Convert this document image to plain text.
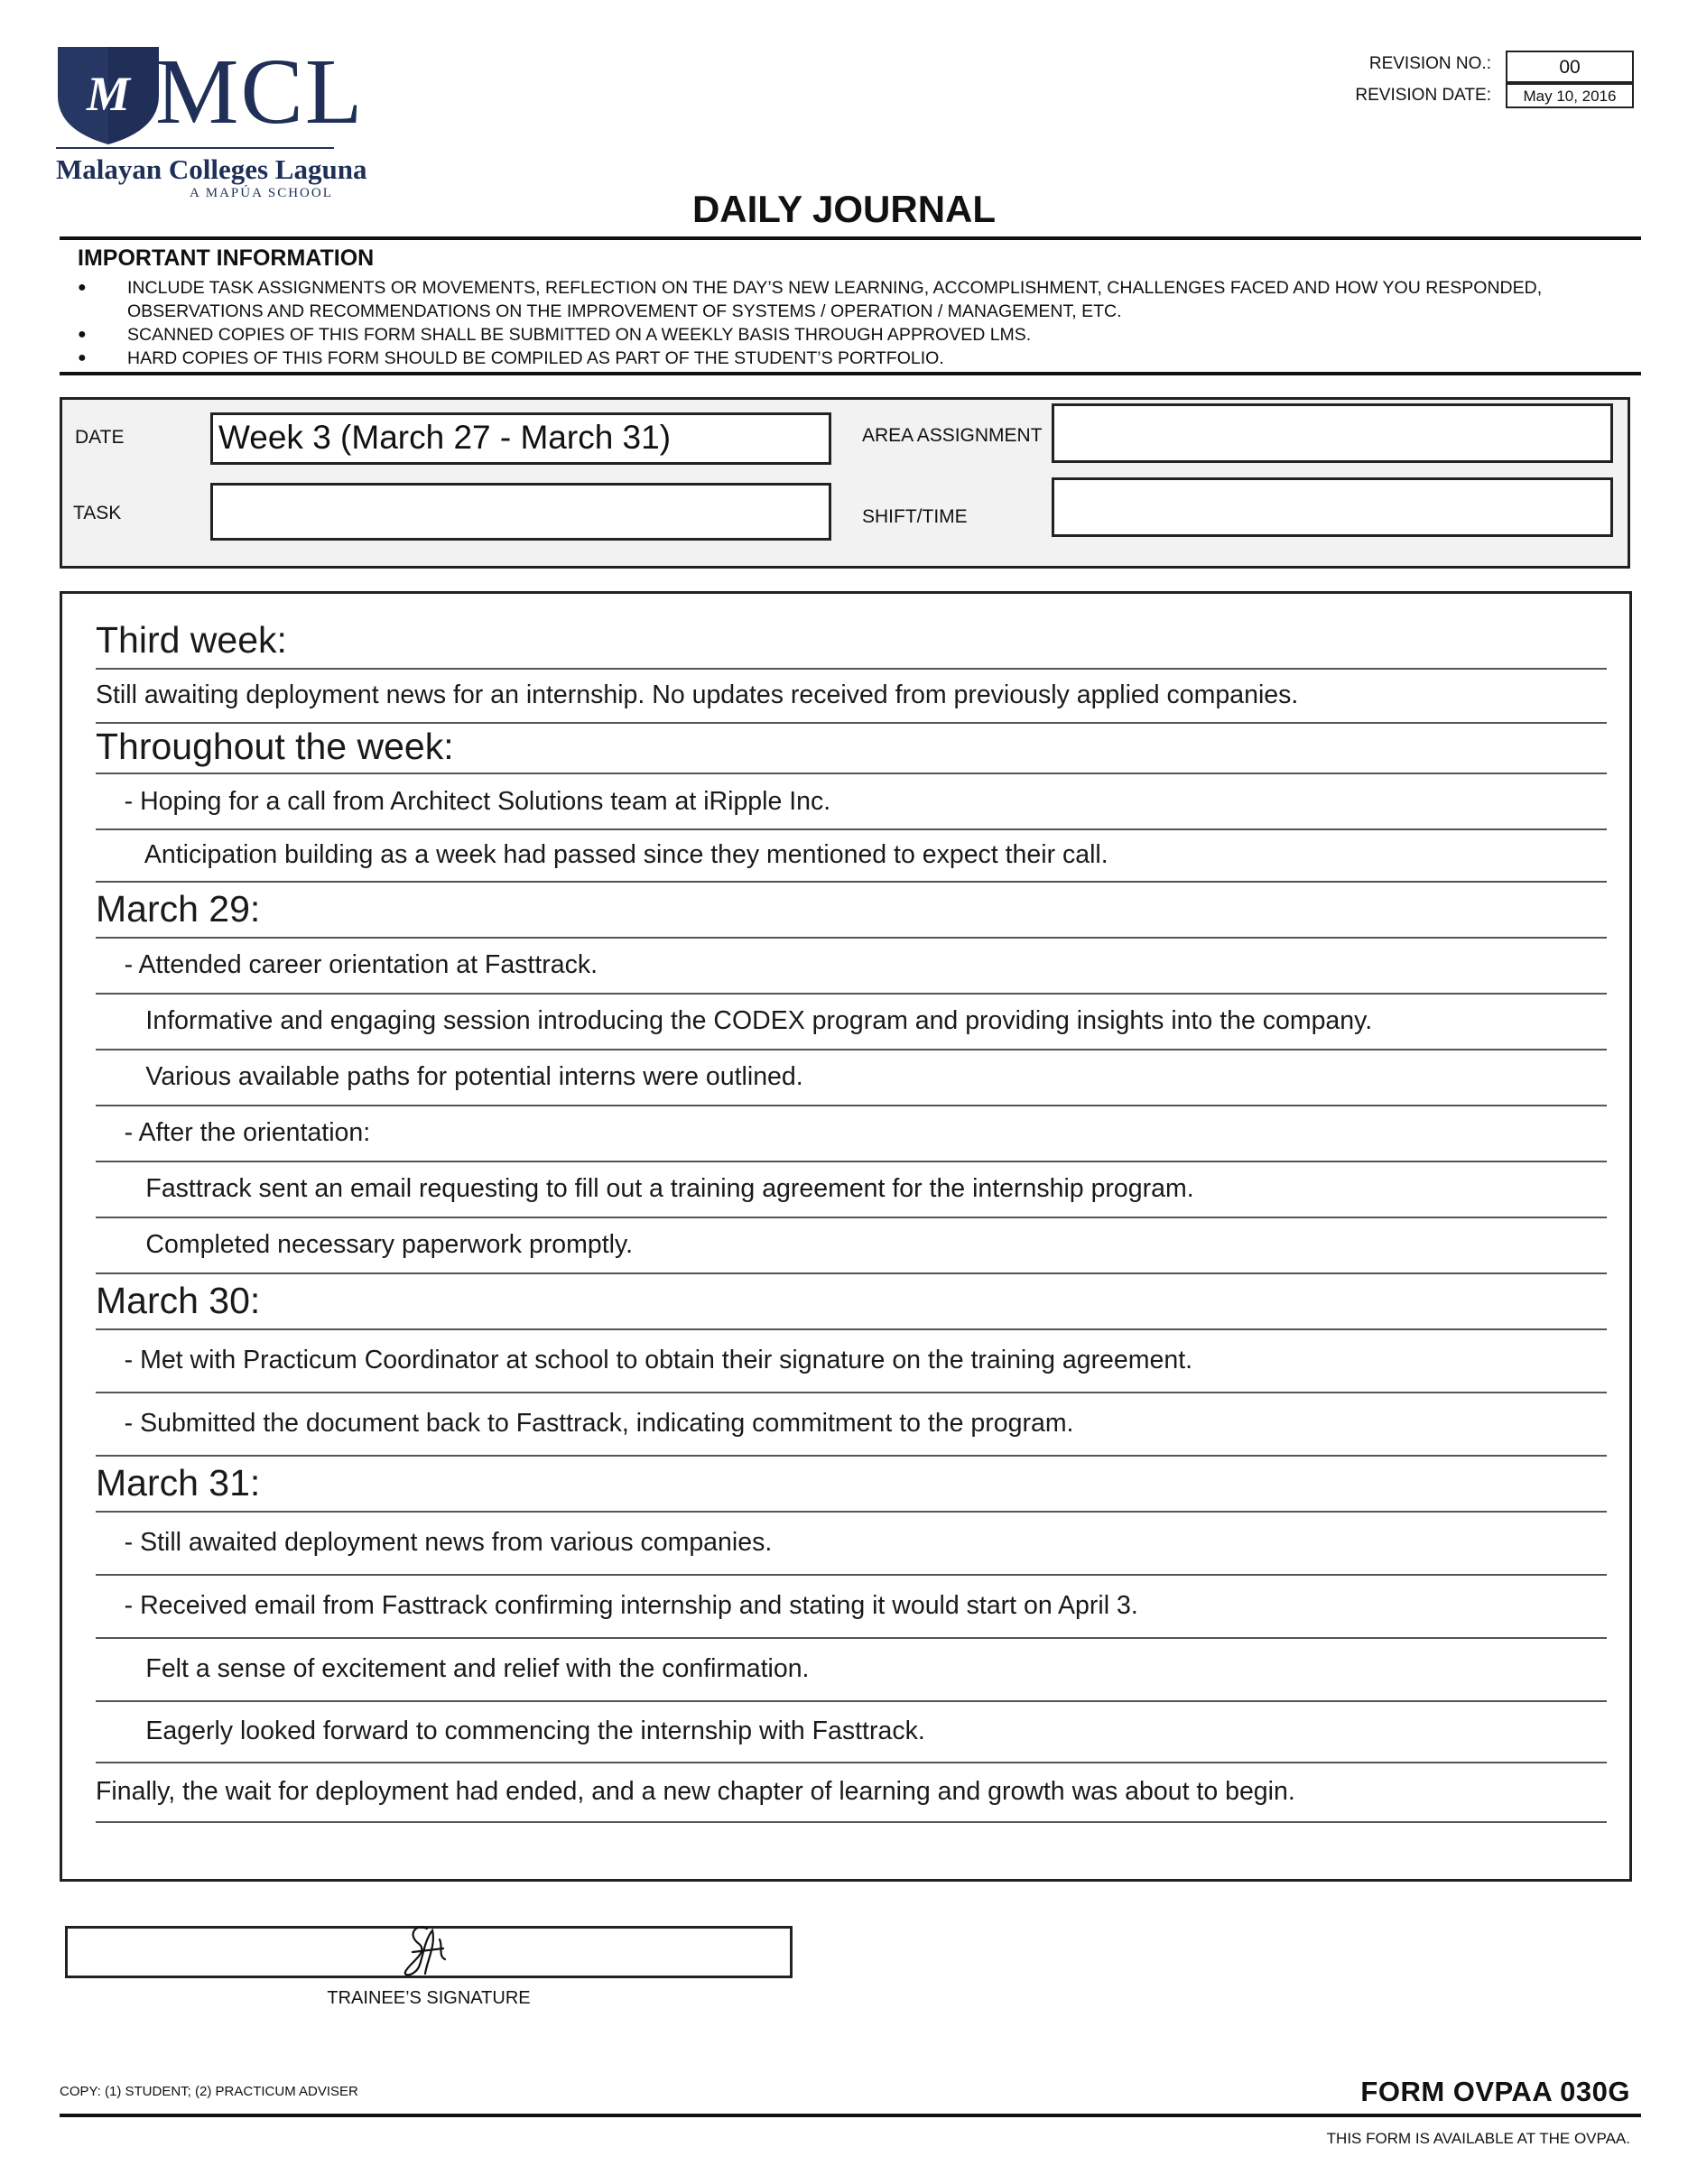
M MCL
Malayan Colleges Laguna
A MAPÚA SCHOOL
REVISION NO.:	00
REVISION DATE:	May 10, 2016
DAILY JOURNAL
IMPORTANT INFORMATION
● INCLUDE TASK ASSIGNMENTS OR MOVEMENTS, REFLECTION ON THE DAY’S NEW LEARNING, ACCOMPLISHMENT, CHALLENGES FACED AND HOW YOU RESPONDED, OBSERVATIONS AND RECOMMENDATIONS ON THE IMPROVEMENT OF SYSTEMS / OPERATION / MANAGEMENT, ETC.
● SCANNED COPIES OF THIS FORM SHALL BE SUBMITTED ON A WEEKLY BASIS THROUGH APPROVED LMS.
● HARD COPIES OF THIS FORM SHOULD BE COMPILED AS PART OF THE STUDENT’S PORTFOLIO.
DATE	Week 3 (March 27 - March 31)
TASK
AREA ASSIGNMENT
SHIFT/TIME
Third week:
Still awaiting deployment news for an internship. No updates received from previously applied companies.
Throughout the week:
- Hoping for a call from Architect Solutions team at iRipple Inc.
Anticipation building as a week had passed since they mentioned to expect their call.
March 29:
- Attended career orientation at Fasttrack.
Informative and engaging session introducing the CODEX program and providing insights into the company.
Various available paths for potential interns were outlined.
- After the orientation:
Fasttrack sent an email requesting to fill out a training agreement for the internship program.
Completed necessary paperwork promptly.
March 30:
- Met with Practicum Coordinator at school to obtain their signature on the training agreement.
- Submitted the document back to Fasttrack, indicating commitment to the program.
March 31:
- Still awaited deployment news from various companies.
- Received email from Fasttrack confirming internship and stating it would start on April 3.
Felt a sense of excitement and relief with the confirmation.
Eagerly looked forward to commencing the internship with Fasttrack.
Finally, the wait for deployment had ended, and a new chapter of learning and growth was about to begin.
TRAINEE’S SIGNATURE
COPY: (1) STUDENT; (2) PRACTICUM ADVISER	FORM OVPAA 030G
THIS FORM IS AVAILABLE AT THE OVPAA.
